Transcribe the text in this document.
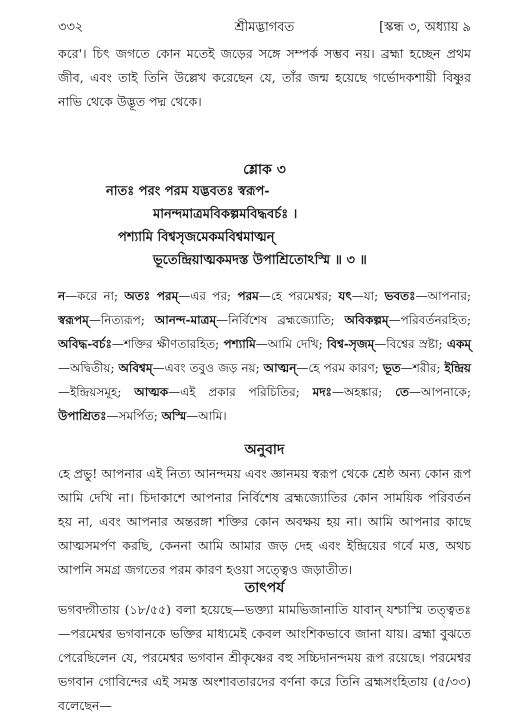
৩৩২	শ্রীমদ্ভাগবত	[স্কন্ধ ৩, অধ্যায় ৯

করে'। চিৎ জগতে কোন মতেই জড়ের সঙ্গে সম্পর্ক সম্ভব নয়। ব্রহ্মা হচ্ছেন প্রথম জীব, এবং তাই তিনি উল্লেখ করেছেন যে, তাঁর জন্ম হয়েছে গর্ভোদকশায়ী বিষ্ণুর নাভি থেকে উদ্ভূত পদ্ম থেকে।

শ্লোক ৩
নাতঃ পরং পরম যদ্ভবতঃ স্বরূপ-
মানন্দমাত্রমবিকল্পমবিদ্ধবর্চঃ ।
পশ্যামি বিশ্বসৃজমেকমবিশ্বমাত্মন্
ভূতেন্দ্রিয়াত্মকমদস্ত উপাশ্রিতোঽস্মি ॥ ৩ ॥
ন—করে না; অতঃ পরম্—এর পর; পরম—হে পরমেশ্বর; যৎ—যা; ভবতঃ—আপনার; স্বরূপম্—নিত্যরূপ; আনন্দ-মাত্রম্—নির্বিশেষ ব্রহ্মজ্যোতি; অবিকল্পম্—পরিবর্তনরহিত; অবিদ্ধ-বর্চঃ—শক্তির ক্ষীণতারহিত; পশ্যামি—আমি দেখি; বিশ্ব-সৃজম্—বিশ্বের স্রষ্টা; একম্—অদ্বিতীয়; অবিশ্বম্—এবং তবুও জড় নয়; আত্মন্—হে পরম কারণ; ভূত—শরীর; ইন্দ্রিয়—ইন্দ্রিয়সমূহ; আত্মক—এই প্রকার পরিচিতির; মদঃ—অহঙ্কার; তে—আপনাকে; উপাশ্রিতঃ—সমর্পিত; অস্মি—আমি।
অনুবাদ

হে প্রভু! আপনার এই নিত্য আনন্দময় এবং জ্ঞানময় স্বরূপ থেকে শ্রেষ্ঠ অন্য কোন রূপ আমি দেখি না। চিদাকাশে আপনার নির্বিশেষ ব্রহ্মজ্যোতির কোন সাময়িক পরিবর্তন হয় না, এবং আপনার অন্তরঙ্গা শক্তির কোন অবক্ষয় হয় না। আমি আপনার কাছে আত্মসমর্পণ করছি, কেননা আমি আমার জড় দেহ এবং ইন্দ্রিয়ের গর্বে মত্ত, অথচ আপনি সমগ্র জগতের পরম কারণ হওয়া সত্ত্বেও জড়াতীত।

তাৎপর্য

ভগবদ্গীতায় (১৮/৫৫) বলা হয়েছে—ভক্ত্যা মামভিজানাতি যাবান্ যশ্চাস্মি তত্ত্বতঃ —পরমেশ্বর ভগবানকে ভক্তির মাধ্যমেই কেবল আংশিকভাবে জানা যায়। ব্রহ্মা বুঝতে পেরেছিলেন যে, পরমেশ্বর ভগবান শ্রীকৃষ্ণের বহু সচ্চিদানন্দময় রূপ রয়েছে। পরমেশ্বর ভগবান গোবিন্দের এই সমস্ত অংশাবতারদের বর্ণনা করে তিনি ব্রহ্মসংহিতায় (৫/৩৩) বলেছেন—
